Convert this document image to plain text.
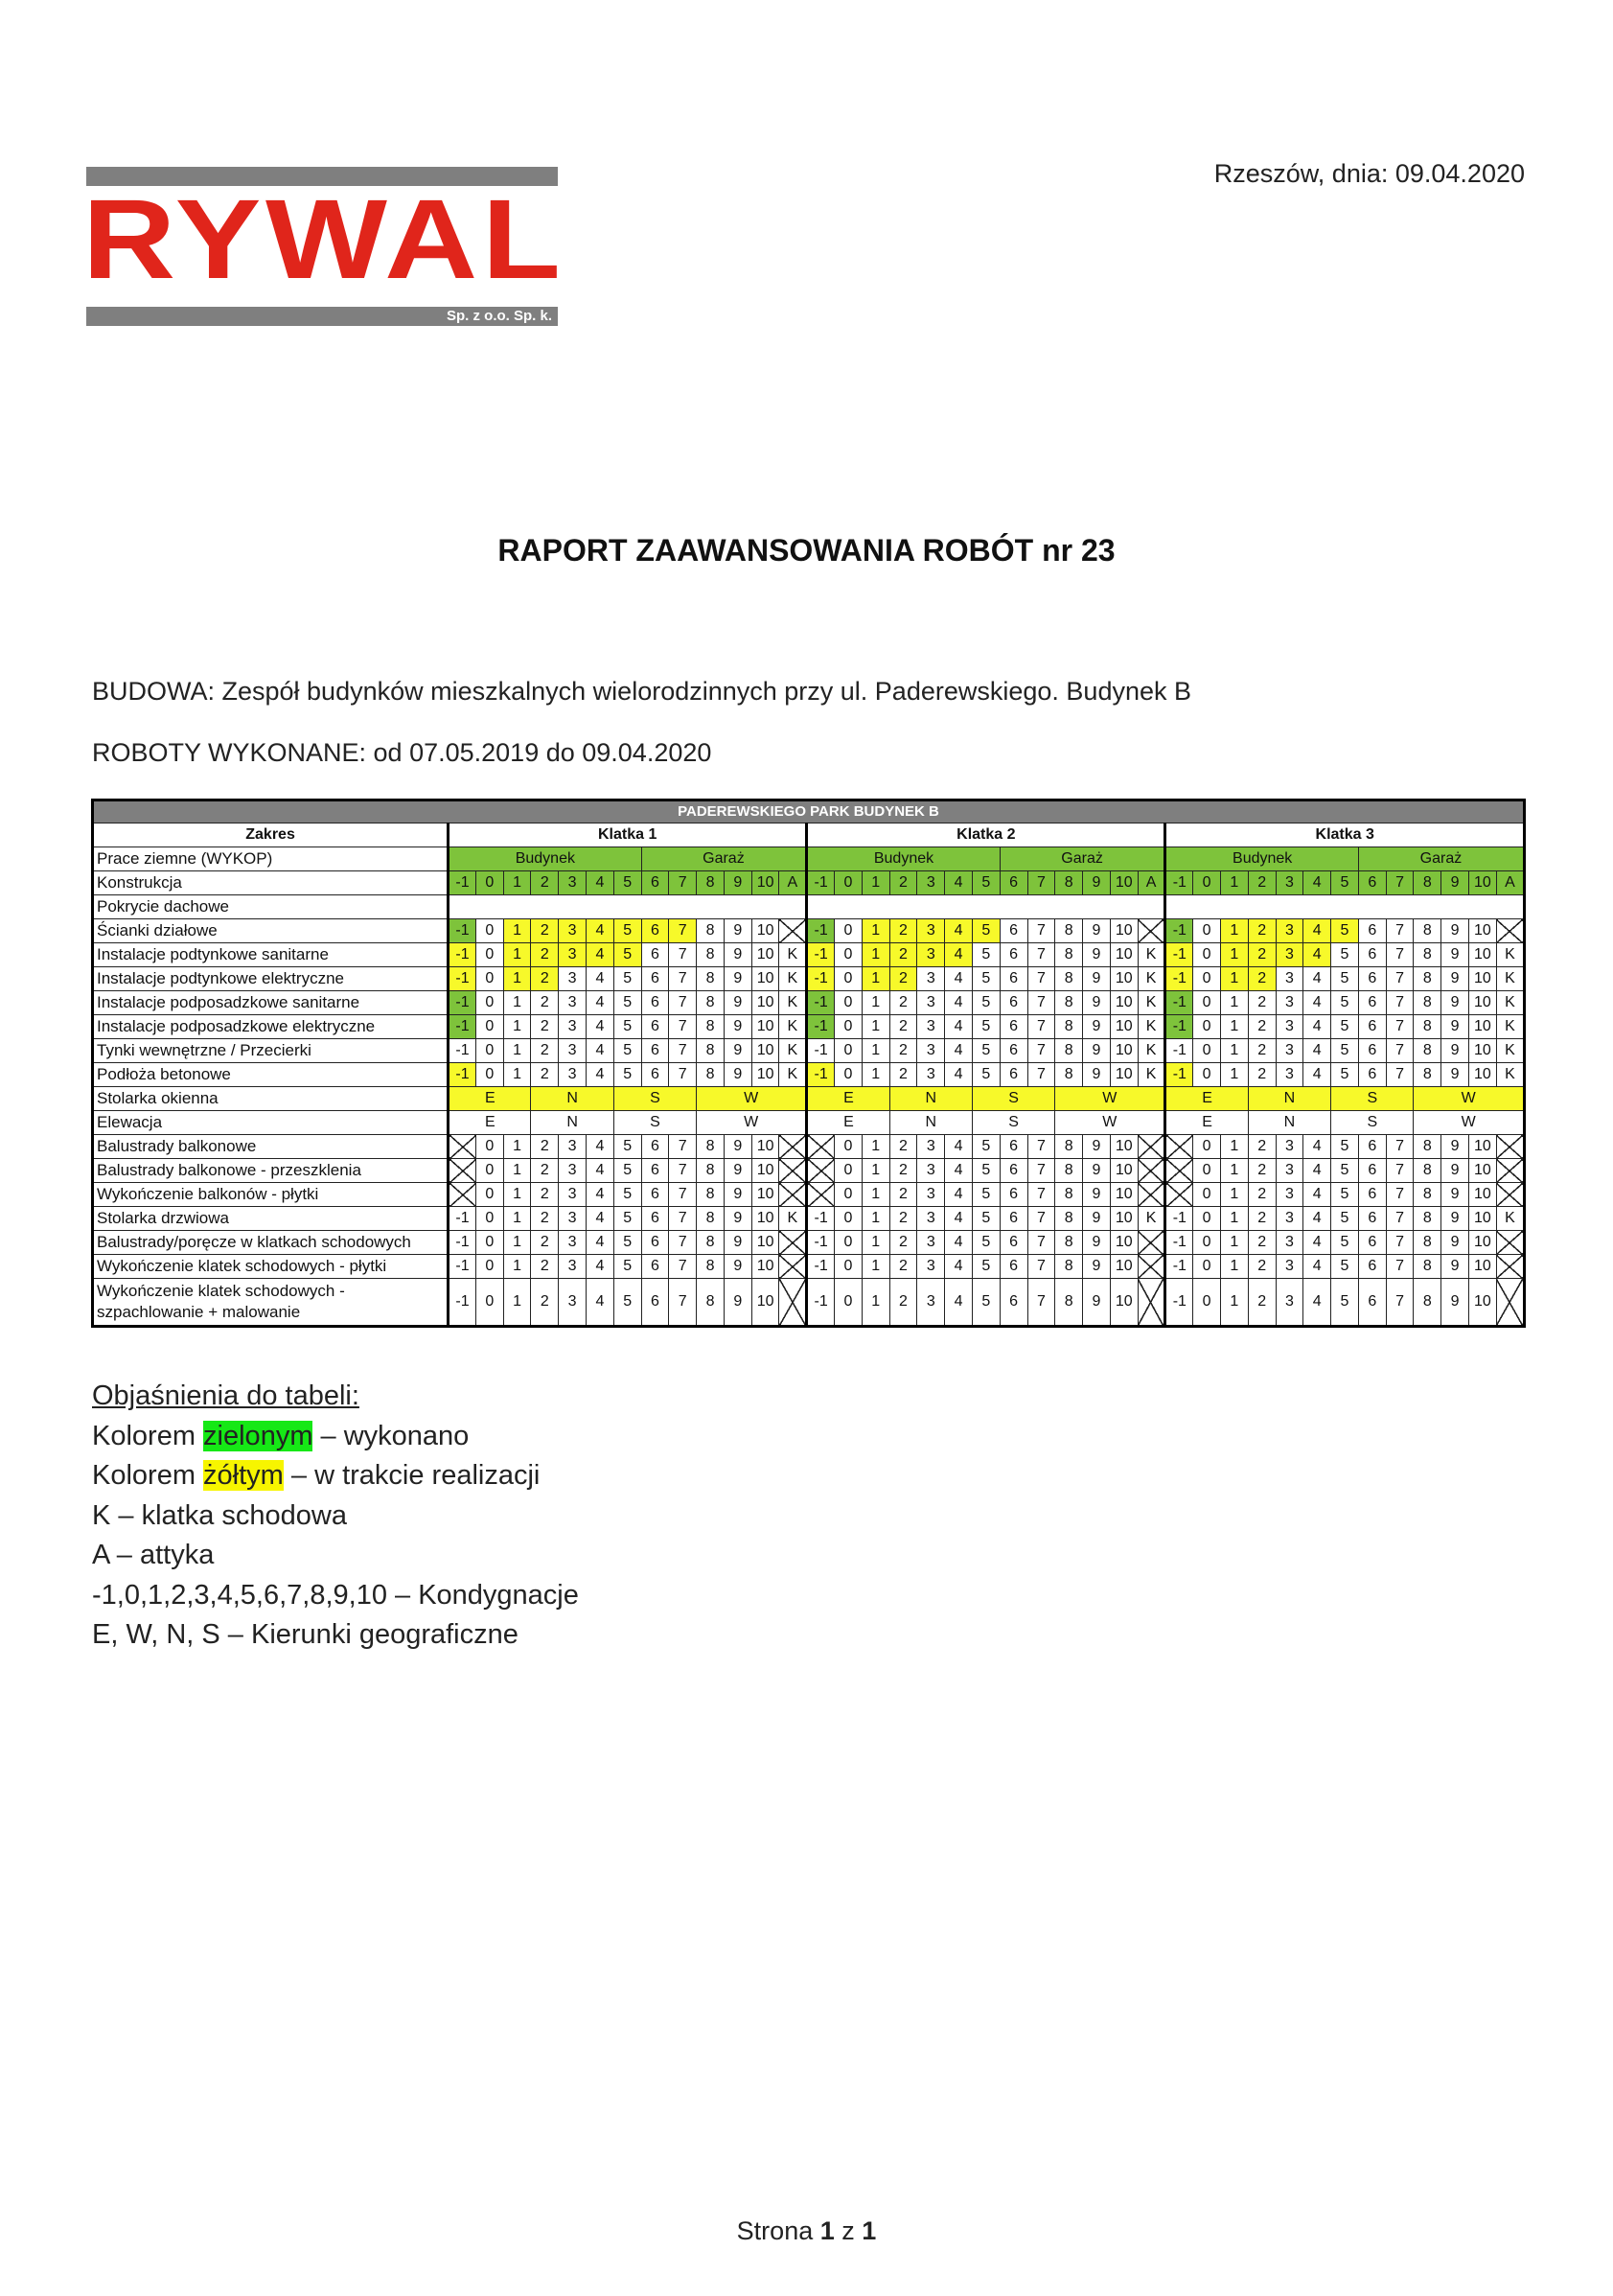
RYWAL
Sp. z o.o. Sp. k.
Rzeszów, dnia: 09.04.2020
RAPORT ZAAWANSOWANIA ROBÓT nr 23
BUDOWA: Zespół budynków mieszkalnych wielorodzinnych przy ul. Paderewskiego. Budynek B
ROBOTY WYKONANE: od 07.05.2019 do 09.04.2020
PADEREWSKIEGO PARK BUDYNEK B																																							
Zakres	Klatka 1													Klatka 2													Klatka 3												
Prace ziemne (WYKOP)	Budynek							Garaż						Budynek							Garaż						Budynek							Garaż					
Konstrukcja	-1	0	1	2	3	4	5	6	7	8	9	10	A	-1	0	1	2	3	4	5	6	7	8	9	10	A	-1	0	1	2	3	4	5	6	7	8	9	10	A
Pokrycie dachowe																																							
Ścianki działowe	-1	0	1	2	3	4	5	6	7	8	9	10		-1	0	1	2	3	4	5	6	7	8	9	10		-1	0	1	2	3	4	5	6	7	8	9	10	
Instalacje podtynkowe sanitarne	-1	0	1	2	3	4	5	6	7	8	9	10	K	-1	0	1	2	3	4	5	6	7	8	9	10	K	-1	0	1	2	3	4	5	6	7	8	9	10	K
Instalacje podtynkowe elektryczne	-1	0	1	2	3	4	5	6	7	8	9	10	K	-1	0	1	2	3	4	5	6	7	8	9	10	K	-1	0	1	2	3	4	5	6	7	8	9	10	K
Instalacje podposadzkowe sanitarne	-1	0	1	2	3	4	5	6	7	8	9	10	K	-1	0	1	2	3	4	5	6	7	8	9	10	K	-1	0	1	2	3	4	5	6	7	8	9	10	K
Instalacje podposadzkowe elektryczne	-1	0	1	2	3	4	5	6	7	8	9	10	K	-1	0	1	2	3	4	5	6	7	8	9	10	K	-1	0	1	2	3	4	5	6	7	8	9	10	K
Tynki wewnętrzne / Przecierki	-1	0	1	2	3	4	5	6	7	8	9	10	K	-1	0	1	2	3	4	5	6	7	8	9	10	K	-1	0	1	2	3	4	5	6	7	8	9	10	K
Podłoża betonowe	-1	0	1	2	3	4	5	6	7	8	9	10	K	-1	0	1	2	3	4	5	6	7	8	9	10	K	-1	0	1	2	3	4	5	6	7	8	9	10	K
Stolarka okienna	E			N			S			W				E			N			S			W				E			N			S			W			
Elewacja	E			N			S			W				E			N			S			W				E			N			S			W			
Balustrady balkonowe		0	1	2	3	4	5	6	7	8	9	10			0	1	2	3	4	5	6	7	8	9	10			0	1	2	3	4	5	6	7	8	9	10	
Balustrady balkonowe - przeszklenia		0	1	2	3	4	5	6	7	8	9	10			0	1	2	3	4	5	6	7	8	9	10			0	1	2	3	4	5	6	7	8	9	10	
Wykończenie balkonów - płytki		0	1	2	3	4	5	6	7	8	9	10			0	1	2	3	4	5	6	7	8	9	10			0	1	2	3	4	5	6	7	8	9	10	
Stolarka drzwiowa	-1	0	1	2	3	4	5	6	7	8	9	10	K	-1	0	1	2	3	4	5	6	7	8	9	10	K	-1	0	1	2	3	4	5	6	7	8	9	10	K
Balustrady/poręcze w klatkach schodowych	-1	0	1	2	3	4	5	6	7	8	9	10		-1	0	1	2	3	4	5	6	7	8	9	10		-1	0	1	2	3	4	5	6	7	8	9	10	
Wykończenie klatek schodowych - płytki	-1	0	1	2	3	4	5	6	7	8	9	10		-1	0	1	2	3	4	5	6	7	8	9	10		-1	0	1	2	3	4	5	6	7	8	9	10	
Wykończenie klatek schodowych - szpachlowanie + malowanie	-1	0	1	2	3	4	5	6	7	8	9	10		-1	0	1	2	3	4	5	6	7	8	9	10		-1	0	1	2	3	4	5	6	7	8	9	10	
Objaśnienia do tabeli:
Kolorem zielonym – wykonano
Kolorem żółtym – w trakcie realizacji
K – klatka schodowa
A – attyka
-1,0,1,2,3,4,5,6,7,8,9,10 – Kondygnacje
E, W, N, S – Kierunki geograficzne
Strona 1 z 1
